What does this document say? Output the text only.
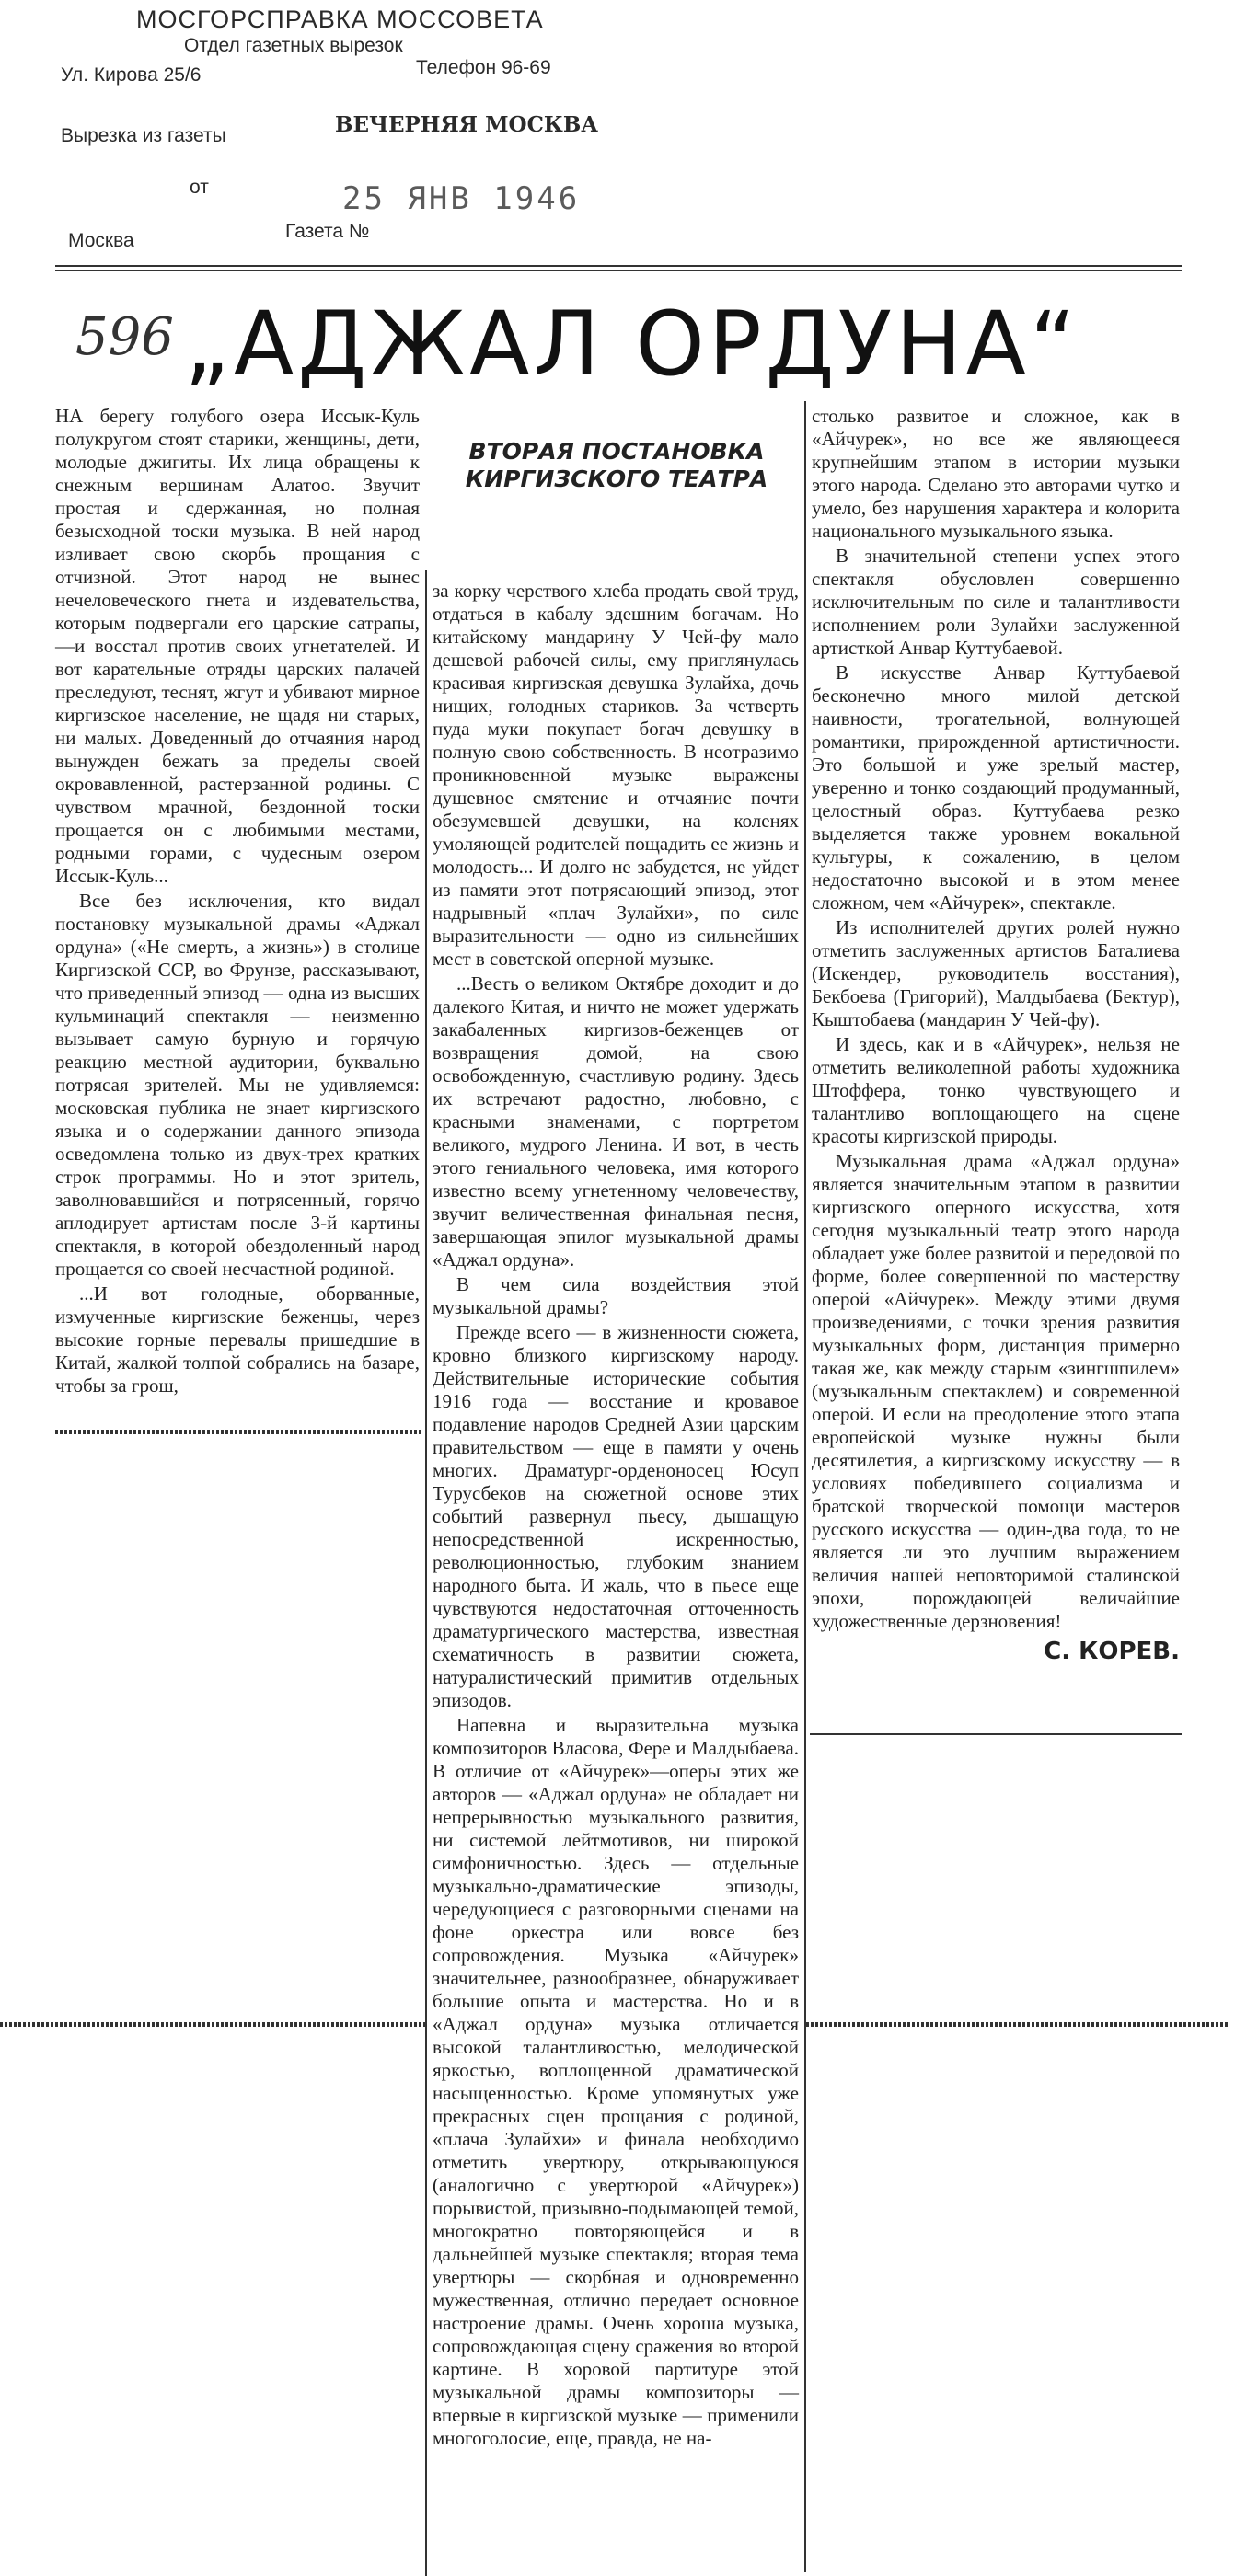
МОСГОРСПРАВКА МОССОВЕТА
Отдел газетных вырезок
Ул. Кирова 25/6	Телефон 96-69
Вырезка из газеты	ВЕЧЕРНЯЯ МОСКВА
от	25 ЯНВ 1946
Москва	Газета №
596 „АДЖАЛ ОРДУНА“
ВТОРАЯ ПОСТАНОВКА КИРГИЗСКОГО ТЕАТРА

НА берегу голубого озера Иссык-Куль полукругом стоят старики, женщины, дети, молодые джигиты. Их лица обращены к снежным вершинам Алатоо. Звучит простая и сдержанная, но полная безысходной тоски музыка. В ней народ изливает свою скорбь прощания с отчизной. Этот народ не вынес нечеловеческого гнета и издевательства, которым подвергали его царские сатрапы,—и восстал против своих угнетателей. И вот карательные отряды царских палачей преследуют, теснят, жгут и убивают мирное киргизское население, не щадя ни старых, ни малых. Доведенный до отчаяния народ вынужден бежать за пределы своей окровавленной, растерзанной родины. С чувством мрачной, бездонной тоски прощается он с любимыми местами, родными горами, с чудесным озером Иссык-Куль...

Все без исключения, кто видал постановку музыкальной драмы «Аджал ордуна» («Не смерть, а жизнь») в столице Киргизской ССР, во Фрунзе, рассказывают, что приведенный эпизод — одна из высших кульминаций спектакля — неизменно вызывает самую бурную и горячую реакцию местной аудитории, буквально потрясая зрителей. Мы не удивляемся: московская публика не знает киргизского языка и о содержании данного эпизода осведомлена только из двух-трех кратких строк программы. Но и этот зритель, заволновавшийся и потрясенный, горячо аплодирует артистам после 3-й картины спектакля, в которой обездоленный народ прощается со своей несчастной родиной.

...И вот голодные, оборванные, измученные киргизские беженцы, через высокие горные перевалы пришедшие в Китай, жалкой толпой собрались на базаре, чтобы за грош,

за корку черствого хлеба продать свой труд, отдаться в кабалу здешним богачам. Но китайскому мандарину У Чей-фу мало дешевой рабочей силы, ему приглянулась красивая киргизская девушка Зулайха, дочь нищих, голодных стариков. За четверть пуда муки покупает богач девушку в полную свою собственность. В неотразимо проникновенной музыке выражены душевное смятение и отчаяние почти обезумевшей девушки, на коленях умоляющей родителей пощадить ее жизнь и молодость... И долго не забудется, не уйдет из памяти этот потрясающий эпизод, этот надрывный «плач Зулайхи», по силе выразительности — одно из сильнейших мест в советской оперной музыке.

...Весть о великом Октябре доходит и до далекого Китая, и ничто не может удержать закабаленных киргизов-беженцев от возвращения домой, на свою освобожденную, счастливую родину. Здесь их встречают радостно, любовно, с красными знаменами, с портретом великого, мудрого Ленина. И вот, в честь этого гениального человека, имя которого известно всему угнетенному человечеству, звучит величественная финальная песня, завершающая эпилог музыкальной драмы «Аджал ордуна».

В чем сила воздействия этой музыкальной драмы?

Прежде всего — в жизненности сюжета, кровно близкого киргизскому народу. Действительные исторические события 1916 года — восстание и кровавое подавление народов Средней Азии царским правительством — еще в памяти у очень многих. Драматург-орденоносец Юсуп Турусбеков на сюжетной основе этих событий развернул пьесу, дышащую непосредственной искренностью, революционностью, глубоким знанием народного быта. И жаль, что в пьесе еще чувствуются недостаточная отточенность драматургического мастерства, известная схематичность в развитии сюжета, натуралистический примитив отдельных эпизодов.

Напевна и выразительна музыка композиторов Власова, Фере и Малдыбаева. В отличие от «Айчурек»—оперы этих же авторов — «Аджал ордуна» не обладает ни непрерывностью музыкального развития, ни системой лейтмотивов, ни широкой симфоничностью. Здесь — отдельные музыкально-драматические эпизоды, чередующиеся с разговорными сценами на фоне оркестра или вовсе без сопровождения. Музыка «Айчурек» значительнее, разнообразнее, обнаруживает большие опыта и мастерства. Но и в «Аджал ордуна» музыка отличается высокой талантливостью, мелодической яркостью, воплощенной драматической насыщенностью. Кроме упомянутых уже прекрасных сцен прощания с родиной, «плача Зулайхи» и финала необходимо отметить увертюру, открывающуюся (аналогично с увертюрой «Айчурек») порывистой, призывно-подымающей темой, многократно повторяющейся и в дальнейшей музыке спектакля; вторая тема увертюры — скорбная и одновременно мужественная, отлично передает основное настроение драмы. Очень хороша музыка, сопровождающая сцену сражения во второй картине. В хоровой партитуре этой музыкальной драмы композиторы — впервые в киргизской музыке — применили многоголосие, еще, правда, не на-

столько развитое и сложное, как в «Айчурек», но все же являющееся крупнейшим этапом в истории музыки этого народа. Сделано это авторами чутко и умело, без нарушения характера и колорита национального музыкального языка.

В значительной степени успех этого спектакля обусловлен совершенно исключительным по силе и талантливости исполнением роли Зулайхи заслуженной артисткой Анвар Куттубаевой.

В искусстве Анвар Куттубаевой бесконечно много милой детской наивности, трогательной, волнующей романтики, прирожденной артистичности. Это большой и уже зрелый мастер, уверенно и тонко создающий продуманный, целостный образ. Куттубаева резко выделяется также уровнем вокальной культуры, к сожалению, в целом недостаточно высокой и в этом менее сложном, чем «Айчурек», спектакле.

Из исполнителей других ролей нужно отметить заслуженных артистов Баталиева (Искендер, руководитель восстания), Бекбоева (Григорий), Малдыбаева (Бектур), Кыштобаева (мандарин У Чей-фу).

И здесь, как и в «Айчурек», нельзя не отметить великолепной работы художника Штоффера, тонко чувствующего и талантливо воплощающего на сцене красоты киргизской природы.

Музыкальная драма «Аджал ордуна» является значительным этапом в развитии киргизского оперного искусства, хотя сегодня музыкальный театр этого народа обладает уже более развитой и передовой по форме, более совершенной по мастерству оперой «Айчурек». Между этими двумя произведениями, с точки зрения развития музыкальных форм, дистанция примерно такая же, как между старым «зингшпилем» (музыкальным спектаклем) и современной оперой. И если на преодоление этого этапа европейской музыке нужны были десятилетия, а киргизскому искусству — в условиях победившего социализма и братской творческой помощи мастеров русского искусства — один-два года, то не является ли это лучшим выражением величия нашей неповторимой сталинской эпохи, порождающей величайшие художественные дерзновения!

С. КОРЕВ.
